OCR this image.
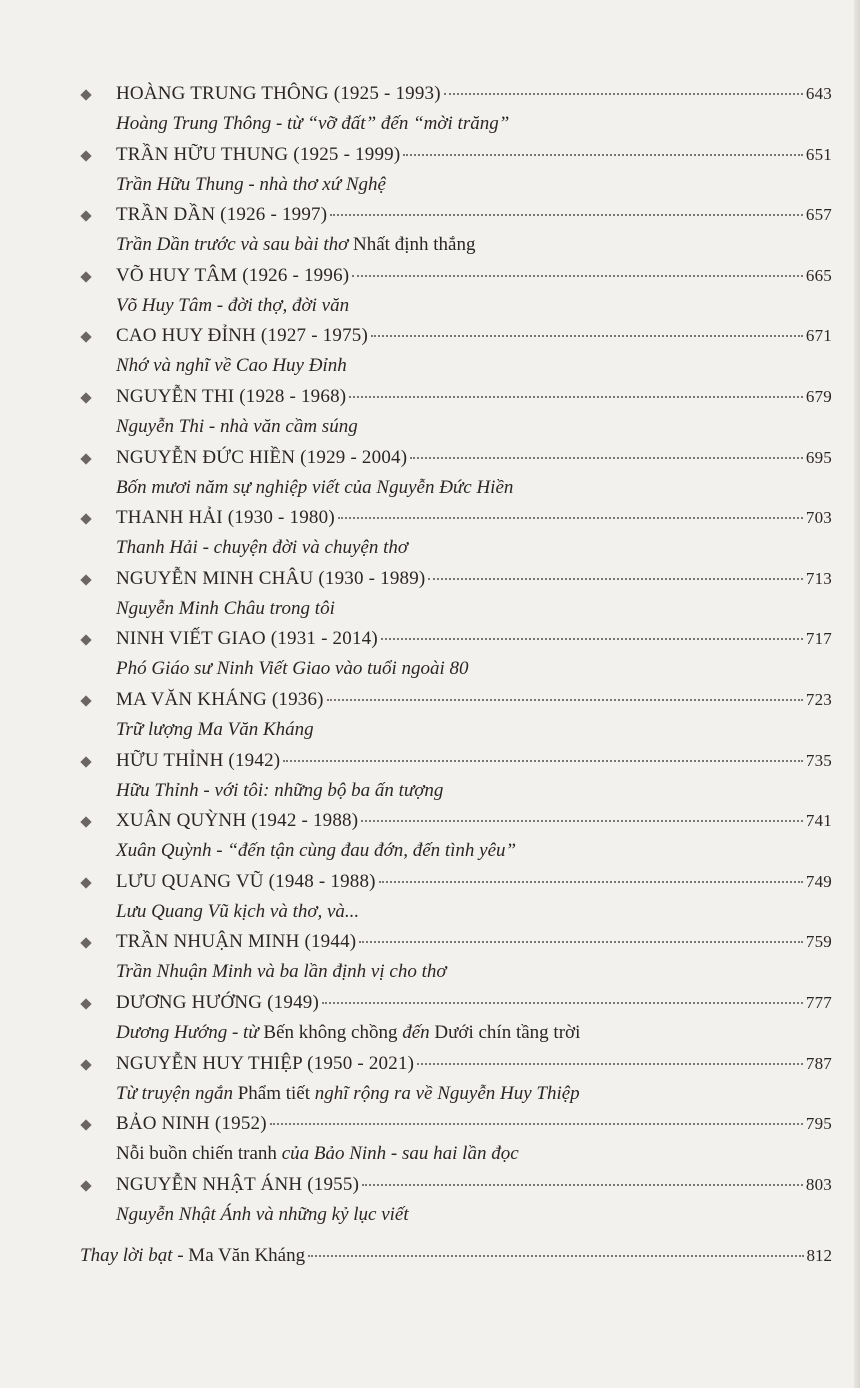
HOÀNG TRUNG THÔNG (1925 - 1993)	643
Hoàng Trung Thông - từ “vỡ đất” đến “mời trăng”
TRẦN HỮU THUNG (1925 - 1999)	651
Trần Hữu Thung - nhà thơ xứ Nghệ
TRẦN DẦN (1926 - 1997)	657
Trần Dần trước và sau bài thơ Nhất định thắng
VÕ HUY TÂM (1926 - 1996)	665
Võ Huy Tâm - đời thợ, đời văn
CAO HUY ĐỈNH (1927 - 1975)	671
Nhớ và nghĩ về Cao Huy Đỉnh
NGUYỄN THI (1928 - 1968)	679
Nguyễn Thi - nhà văn cầm súng
NGUYỄN ĐỨC HIỀN (1929 - 2004)	695
Bốn mươi năm sự nghiệp viết của Nguyễn Đức Hiền
THANH HẢI (1930 - 1980)	703
Thanh Hải - chuyện đời và chuyện thơ
NGUYỄN MINH CHÂU (1930 - 1989)	713
Nguyễn Minh Châu trong tôi
NINH VIẾT GIAO (1931 - 2014)	717
Phó Giáo sư Ninh Viết Giao vào tuổi ngoài 80
MA VĂN KHÁNG (1936)	723
Trữ lượng Ma Văn Kháng
HỮU THỈNH (1942)	735
Hữu Thỉnh - với tôi: những bộ ba ấn tượng
XUÂN QUỲNH (1942 - 1988)	741
Xuân Quỳnh - “đến tận cùng đau đớn, đến tình yêu”
LƯU QUANG VŨ (1948 - 1988)	749
Lưu Quang Vũ kịch và thơ, và...
TRẦN NHUẬN MINH (1944)	759
Trần Nhuận Minh và ba lần định vị cho thơ
DƯƠNG HƯỚNG (1949)	777
Dương Hướng - từ Bến không chồng đến Dưới chín tầng trời
NGUYỄN HUY THIỆP (1950 - 2021)	787
Từ truyện ngắn Phẩm tiết nghĩ rộng ra về Nguyễn Huy Thiệp
BẢO NINH (1952)	795
Nỗi buồn chiến tranh của Bảo Ninh - sau hai lần đọc
NGUYỄN NHẬT ÁNH (1955)	803
Nguyễn Nhật Ánh và những kỷ lục viết
Thay lời bạt - Ma Văn Kháng	812
